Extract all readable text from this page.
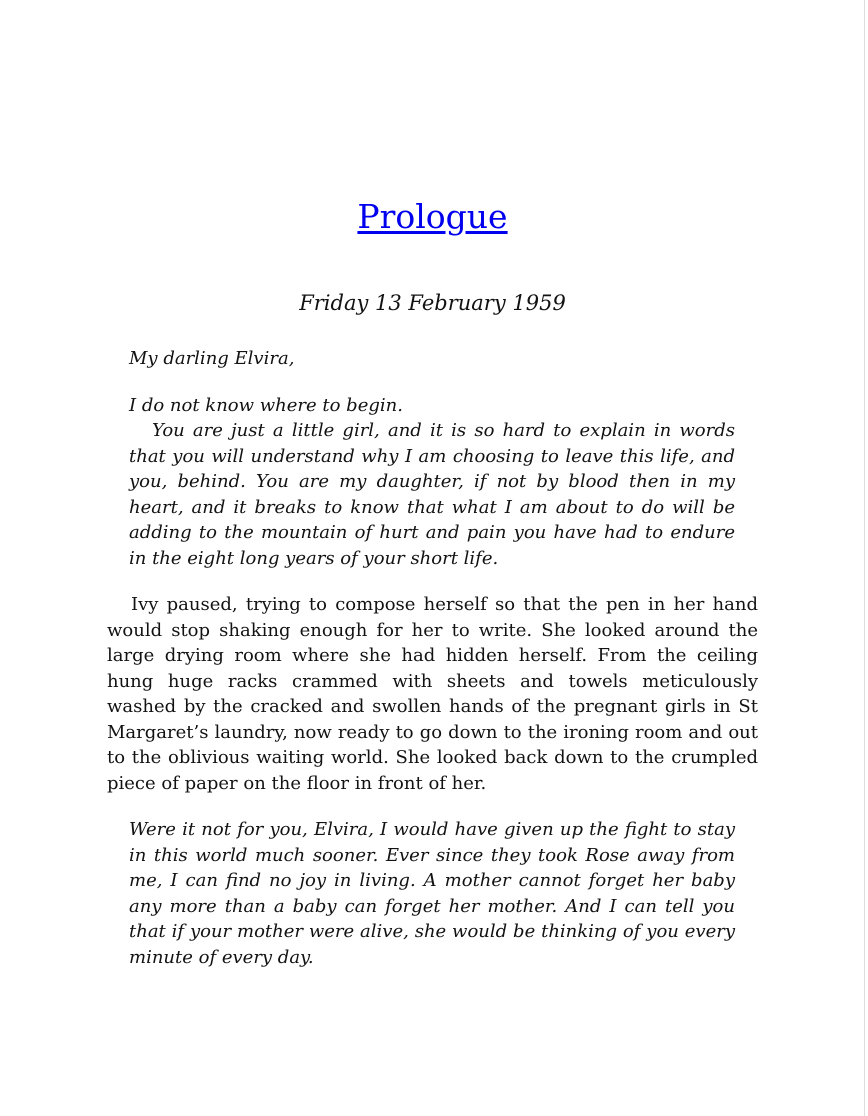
Prologue

Friday 13 February 1959

My darling Elvira,

I do not know where to begin.

You are just a little girl, and it is so hard to explain in words that you will understand why I am choosing to leave this life, and you, behind. You are my daughter, if not by blood then in my heart, and it breaks to know that what I am about to do will be adding to the mountain of hurt and pain you have had to endure in the eight long years of your short life.

Ivy paused, trying to compose herself so that the pen in her hand would stop shaking enough for her to write. She looked around the large drying room where she had hidden herself. From the ceiling hung huge racks crammed with sheets and towels meticulously washed by the cracked and swollen hands of the pregnant girls in St Margaret’s laundry, now ready to go down to the ironing room and out to the oblivious waiting world. She looked back down to the crumpled piece of paper on the floor in front of her.

Were it not for you, Elvira, I would have given up the fight to stay in this world much sooner. Ever since they took Rose away from me, I can find no joy in living. A mother cannot forget her baby any more than a baby can forget her mother. And I can tell you that if your mother were alive, she would be thinking of you every minute of every day.
